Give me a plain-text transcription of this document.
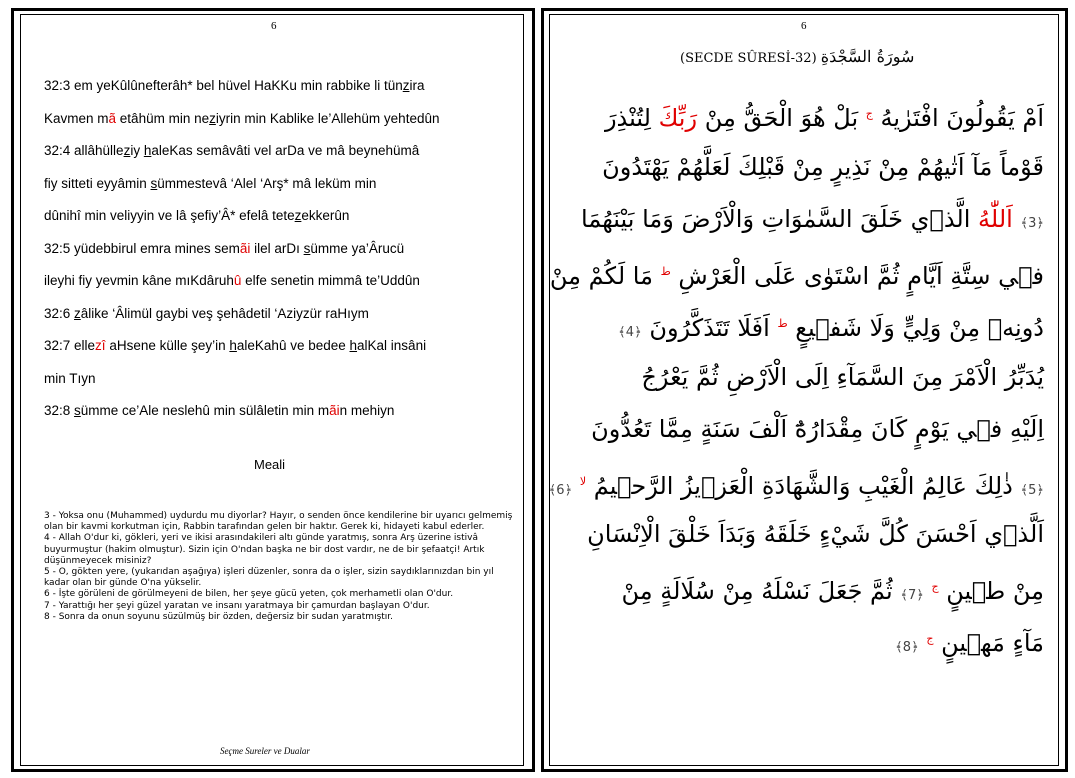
6	6
32:3 em yeKûlûnefterâh* bel hüvel HaKKu min rabbike li tünzira
Kavmen mã etâhüm min neziyrin min Kablike le’Allehüm yehtedûn
32:4 allâhülleziy haleKas semâvâti vel arDa ve mâ beynehümâ
fiy sitteti eyyâmin sümmestevâ ‘Alel ‘Arş* mâ leküm min
dûnihî min veliyyin ve lâ şefiy’Â* efelâ tetezekkerûn
32:5 yüdebbirul emra mines semãi ilel arDı sümme ya’Ârucü
ileyhi fiy yevmin kâne mıKdâruhû elfe senetin mimmâ te’Uddûn
32:6 zâlike ‘Âlimül gaybi veş şehâdetil ‘Aziyzür raHıym
32:7 ellezî aHsene külle şey’in haleKahû ve bedee halKal insâni
min Tıyn
32:8 sümme ce’Ale neslehû min sülâletin min mãin mehiyn
Meali

3 - Yoksa onu (Muhammed) uydurdu mu diyorlar? Hayır, o senden önce kendilerine bir uyarıcı gelmemiş olan bir kavmi korkutman için, Rabbin tarafından gelen bir haktır. Gerek ki, hidayeti kabul ederler.

4 - Allah O'dur ki, gökleri, yeri ve ikisi arasındakileri altı günde yaratmış, sonra Arş üzerine istivâ buyurmuştur (hakim olmuştur). Sizin için O'ndan başka ne bir dost vardır, ne de bir şefaatçi! Artık düşünmeyecek misiniz?

5 - O, gökten yere, (yukarıdan aşağıya) işleri düzenler, sonra da o işler, sizin saydıklarınızdan bin yıl kadar olan bir günde O'na yükselir.

6 - İşte görüleni de görülmeyeni de bilen, her şeye gücü yeten, çok merhametli olan O'dur.

7 - Yarattığı her şeyi güzel yaratan ve insanı yaratmaya bir çamurdan başlayan O'dur.

8 - Sonra da onun soyunu süzülmüş bir özden, değersiz bir sudan yaratmıştır.

Seçme Sureler ve Dualar
(SECDE SÛRESİ-32) سُورَةُ السَّجْدَةِ
اَمْ يَقُولُونَ افْتَرٰيهُ $^ج$ بَلْ هُوَ الْحَقُّ مِنْ رَبِّكَ لِتُنْذِرَ
قَوْماً مَآ اَتٰيهُمْ مِنْ نَذِيرٍ مِنْ قَبْلِكَ لَعَلَّهُمْ يَهْتَدُونَ
﴿3﴾ اَللّٰهُ الَّذ۪ي خَلَقَ السَّمٰوَاتِ وَالْاَرْضَ وَمَا بَيْنَهُمَا
ف۪ي سِتَّةِ اَيَّامٍ ثُمَّ اسْتَوٰى عَلَى الْعَرْشِ $^ط$ مَا لَكُمْ مِنْ
دُونِه۪ مِنْ وَلِيٍّ وَلَا شَف۪يعٍ $^ط$ اَفَلَا تَتَذَكَّرُونَ ﴿4﴾
يُدَبِّرُ الْاَمْرَ مِنَ السَّمَآءِ اِلَى الْاَرْضِ ثُمَّ يَعْرُجُ
اِلَيْهِ ف۪ي يَوْمٍ كَانَ مِقْدَارُهُٓ اَلْفَ سَنَةٍ مِمَّا تَعُدُّونَ
﴿5﴾ ذٰلِكَ عَالِمُ الْغَيْبِ وَالشَّهَادَةِ الْعَز۪يزُ الرَّح۪يمُ $^{لا}$ ﴿6﴾
اَلَّذ۪ي اَحْسَنَ كُلَّ شَيْءٍ خَلَقَهُ وَبَدَاَ خَلْقَ الْاِنْسَانِ
مِنْ ط۪ينٍ $^ج$ ﴿7﴾ ثُمَّ جَعَلَ نَسْلَهُ مِنْ سُلَالَةٍ مِنْ
مَآءٍ مَه۪ينٍ $^ج$ ﴿8﴾
